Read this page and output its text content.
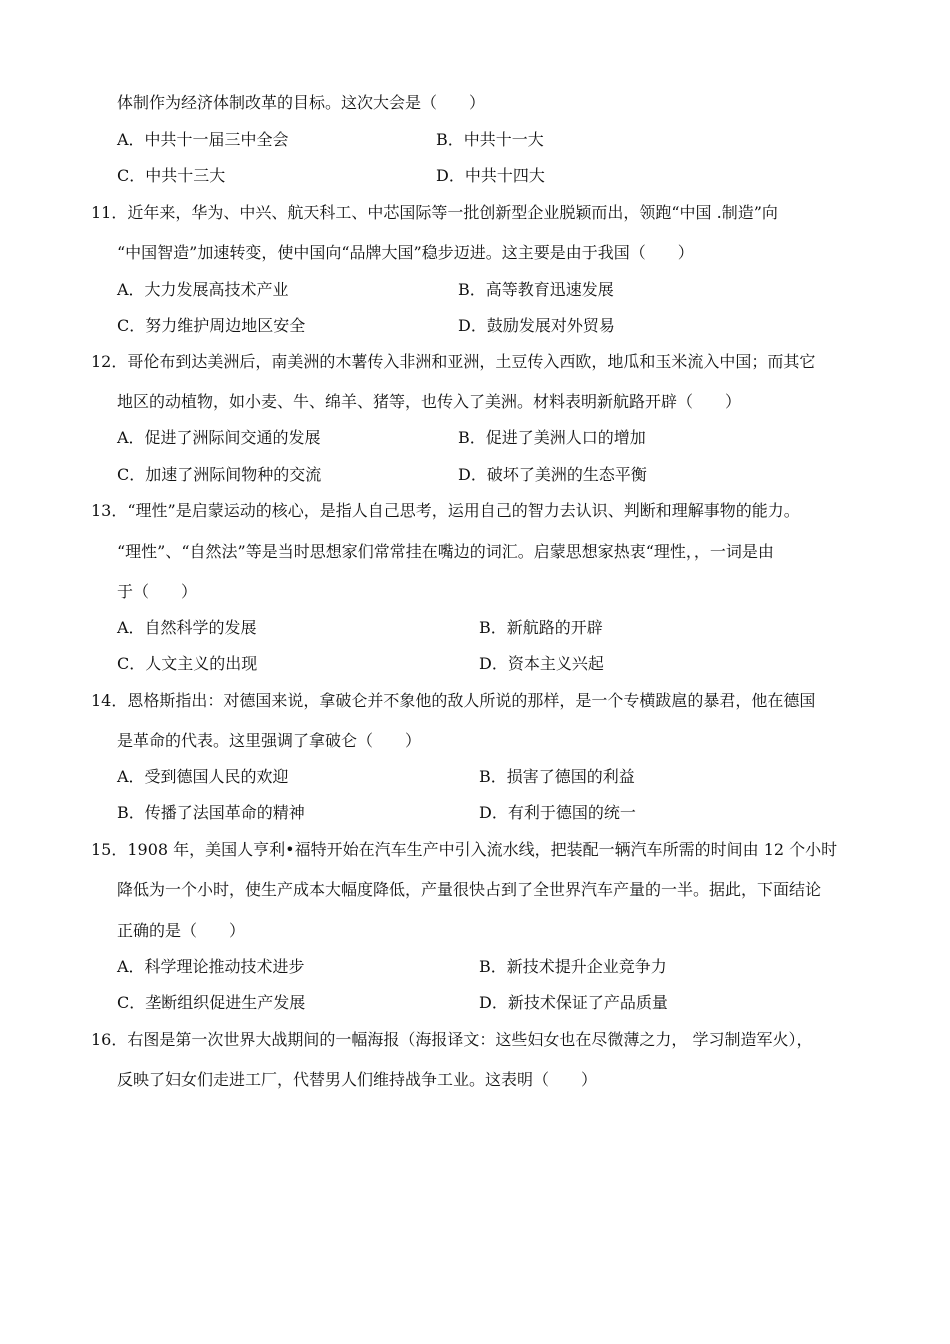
体制作为经济体制改革的目标。这次大会是（　　）
A．中共十一届三中全会	B．中共十一大
C．中共十三大	D．中共十四大
11．近年来，华为、中兴、航天科工、中芯国际等一批创新型企业脱颖而出，领跑“中国 .制造”向
“中国智造”加速转变，使中国向“品牌大国”稳步迈进。这主要是由于我国（　　）
A．大力发展高技术产业	B．高等教育迅速发展
C．努力维护周边地区安全	D．鼓励发展对外贸易
12．哥伦布到达美洲后，南美洲的木薯传入非洲和亚洲，土豆传入西欧，地瓜和玉米流入中国；而其它
地区的动植物，如小麦、牛、绵羊、猪等，也传入了美洲。材料表明新航路开辟（　　）
A．促进了洲际间交通的发展	B．促进了美洲人口的增加
C．加速了洲际间物种的交流	D．破坏了美洲的生态平衡
13．“理性”是启蒙运动的核心，是指人自己思考，运用自己的智力去认识、判断和理解事物的能力。
“理性”、“自然法”等是当时思想家们常常挂在嘴边的词汇。启蒙思想家热衷“理性，，一词是由
于（　　）
A．自然科学的发展	B．新航路的开辟
C．人文主义的出现	D．资本主义兴起
14．恩格斯指出：对德国来说，拿破仑并不象他的敌人所说的那样，是一个专横跋扈的暴君，他在德国
是革命的代表。这里强调了拿破仑（　　）
A．受到德国人民的欢迎	B．损害了德国的利益
B．传播了法国革命的精神	D．有利于德国的统一
15．1908 年，美国人亨利•福特开始在汽车生产中引入流水线，把装配一辆汽车所需的时间由 12 个小时
降低为一个小时，使生产成本大幅度降低，产量很快占到了全世界汽车产量的一半。据此，下面结论
正确的是（　　）
A．科学理论推动技术进步	B．新技术提升企业竞争力
C．垄断组织促进生产发展	D．新技术保证了产品质量
16．右图是第一次世界大战期间的一幅海报（海报译文：这些妇女也在尽微薄之力， 学习制造军火），
反映了妇女们走进工厂，代替男人们维持战争工业。这表明（　　）
